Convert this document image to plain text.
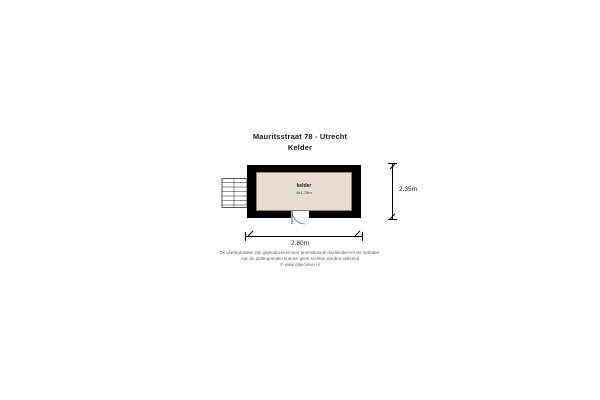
Mauritsstraat 78 - Utrecht
Kelder
kelder
6x1.75m	2.35m
2.80m
De plattegronden zijn geproduceerd voor promotionele doeleinden en ter indicatie.
Aan de plattegronden kunnen geen rechten worden ontleend
© www.objectieve.nl
